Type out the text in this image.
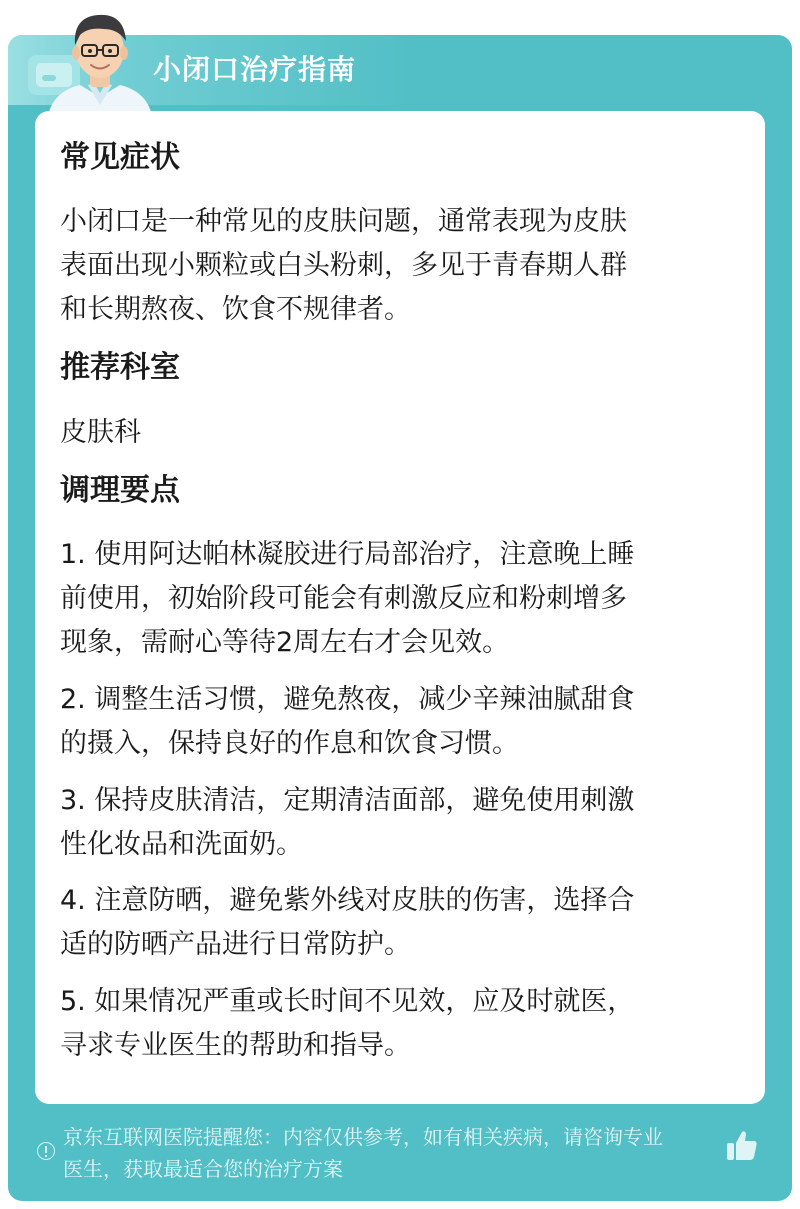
小闭口治疗指南
常见症状
小闭口是一种常见的皮肤问题，通常表现为皮肤
表面出现小颗粒或白头粉刺，多见于青春期人群
和长期熬夜、饮食不规律者。
推荐科室
皮肤科
调理要点
1. 使用阿达帕林凝胶进行局部治疗，注意晚上睡
前使用，初始阶段可能会有刺激反应和粉刺增多
现象，需耐心等待2周左右才会见效。
2. 调整生活习惯，避免熬夜，减少辛辣油腻甜食
的摄入，保持良好的作息和饮食习惯。
3. 保持皮肤清洁，定期清洁面部，避免使用刺激
性化妆品和洗面奶。
4. 注意防晒，避免紫外线对皮肤的伤害，选择合
适的防晒产品进行日常防护。
5. 如果情况严重或长时间不见效，应及时就医，
寻求专业医生的帮助和指导。
京东互联网医院提醒您：内容仅供参考，如有相关疾病，请咨询专业
医生，获取最适合您的治疗方案
